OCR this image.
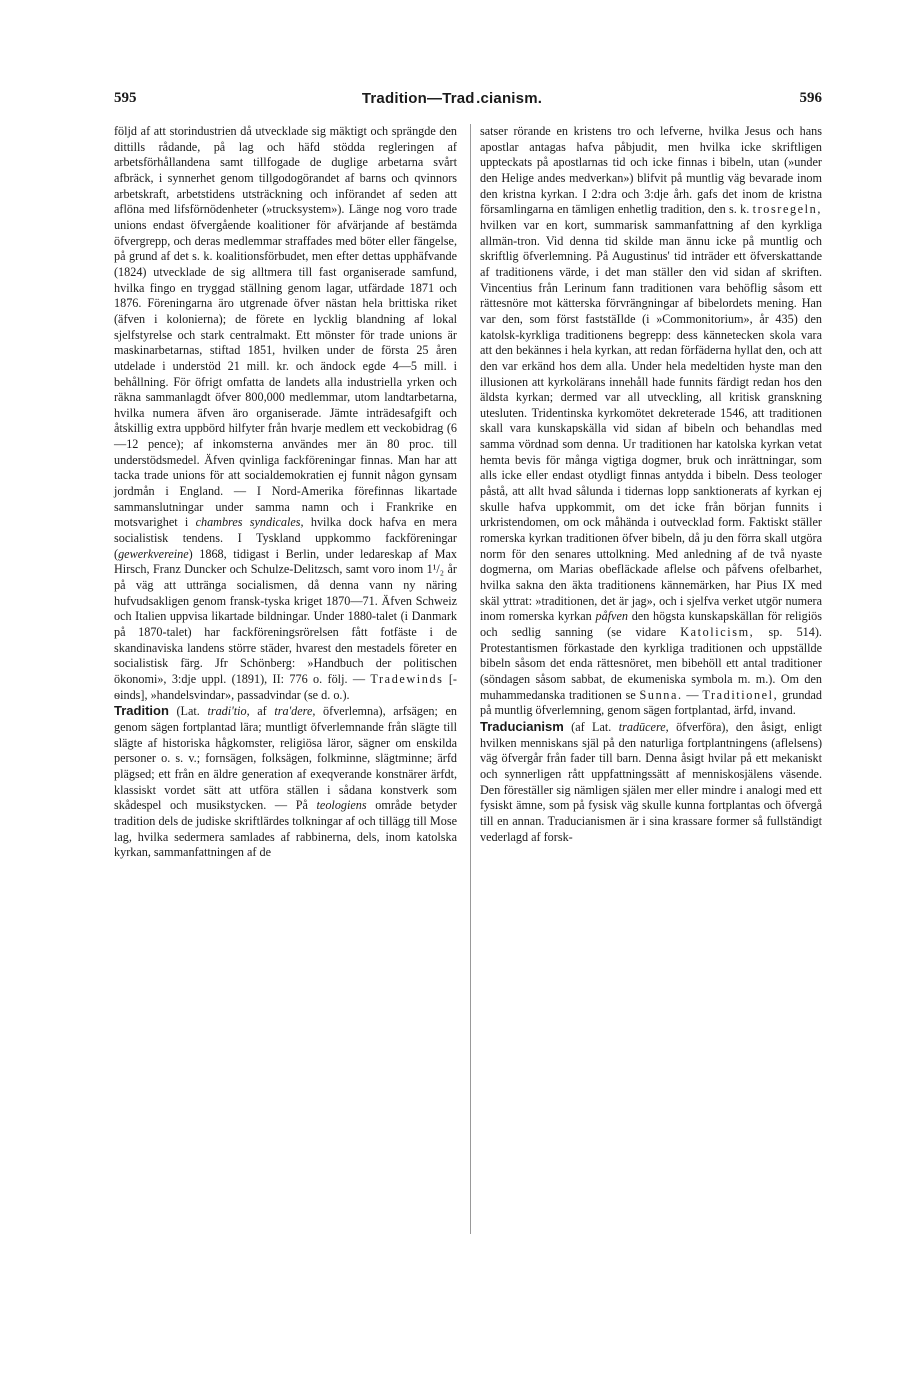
595	Tradition—Trad .cianism.	596

följd af att storindustrien då utvecklade sig mäktigt och sprängde den dittills rådande, på lag och häfd stödda regleringen af arbetsförhållandena samt tillfogade de duglige arbetarna svårt afbräck, i synnerhet genom tillgodogörandet af barns och qvinnors arbetskraft, arbetstidens utsträckning och införandet af seden att aflöna med lifsförnödenheter (»trucksystem»). Länge nog voro trade unions endast öfvergående koalitioner för afvärjande af bestämda öfvergrepp, och deras medlemmar straffades med böter eller fängelse, på grund af det s. k. koalitionsförbudet, men efter dettas upphäfvande (1824) utvecklade de sig alltmera till fast organiserade samfund, hvilka fingo en tryggad ställning genom lagar, utfärdade 1871 och 1876. Föreningarna äro utgrenade öfver nästan hela brittiska riket (äfven i kolonierna); de förete en lycklig blandning af lokal sjelfstyrelse och stark centralmakt. Ett mönster för trade unions är maskinarbetarnas, stiftad 1851, hvilken under de första 25 åren utdelade i understöd 21 mill. kr. och ändock egde 4—5 mill. i behållning. För öfrigt omfatta de landets alla industriella yrken och räkna sammanlagdt öfver 800,000 medlemmar, utom landtarbetarna, hvilka numera äfven äro organiserade. Jämte inträdesafgift och åtskillig extra uppbörd hilfyter från hvarje medlem ett veckobidrag (6—12 pence); af inkomsterna användes mer än 80 proc. till understödsmedel. Äfven qvinliga fackföreningar finnas. Man har att tacka trade unions för att socialdemokratien ej funnit någon gynsam jordmån i England. — I Nord-Amerika förefinnas likartade sammanslutningar under samma namn och i Frankrike en motsvarighet i chambres syndicales, hvilka dock hafva en mera socialistisk tendens. I Tyskland uppkommo fackföreningar (gewerkvereine) 1868, tidigast i Berlin, under ledareskap af Max Hirsch, Franz Duncker och Schulze-Delitzsch, samt voro inom 1¹/₂ år på väg att uttränga socialismen, då denna vann ny näring hufvudsakligen genom fransk-tyska kriget 1870—71. Äfven Schweiz och Italien uppvisa likartade bildningar. Under 1880-talet (i Danmark på 1870-talet) har fackföreningsrörelsen fått fotfäste i de skandinaviska landens större städer, hvarest den mestadels företer en socialistisk färg. Jfr Schönberg: »Handbuch der politischen ökonomi», 3:dje uppl. (1891), II: 776 o. följ. — Tradewinds [-ѳinds], »handelsvindar», passadvindar (se d. o.).

Tradition (Lat. tradi'tio, af tra'dere, öfverlemna), arfsägen; en genom sägen fortplantad lära; muntligt öfverlemnande från slägte till slägte af historiska hågkomster, religiösa läror, sägner om enskilda personer o. s. v.; fornsägen, folksägen, folkminne, slägtminne; ärfd plägsed; ett från en äldre generation af exeqverande konstnärer ärfdt, klassiskt vordet sätt att utföra ställen i sådana konstverk som skådespel och musikstycken. — På teologiens område betyder tradition dels de judiske skriftlärdes tolkningar af och tillägg till Mose lag, hvilka sedermera samlades af rabbinerna, dels, inom katolska kyrkan, sammanfattningen af de

satser rörande en kristens tro och lefverne, hvilka Jesus och hans apostlar antagas hafva påbjudit, men hvilka icke skriftligen uppteckats på apostlarnas tid och icke finnas i bibeln, utan (»under den Helige andes medverkan») blifvit på muntlig väg bevarade inom den kristna kyrkan. I 2:dra och 3:dje årh. gafs det inom de kristna församlingarna en tämligen enhetlig tradition, den s. k. trosregeln, hvilken var en kort, summarisk sammanfattning af den kyrkliga allmän-tron. Vid denna tid skilde man ännu icke på muntlig och skriftlig öfverlemning. På Augustinus' tid inträder ett öfverskattande af traditionens värde, i det man ställer den vid sidan af skriften. Vincentius från Lerinum fann traditionen vara behöflig såsom ett rättesnöre mot kätterska förvrängningar af bibelordets mening. Han var den, som först faststäIlde (i »Commonitorium», år 435) den katolsk-kyrkliga traditionens begrepp: dess kännetecken skola vara att den bekännes i hela kyrkan, att redan förfäderna hyllat den, och att den var erkänd hos dem alla. Under hela medeltiden hyste man den illusionen att kyrkolärans innehåll hade funnits färdigt redan hos den äldsta kyrkan; dermed var all utveckling, all kritisk granskning utesluten. Tridentinska kyrkomötet dekreterade 1546, att traditionen skall vara kunskapskälla vid sidan af bibeln och behandlas med samma vördnad som denna. Ur traditionen har katolska kyrkan vetat hemta bevis för många vigtiga dogmer, bruk och inrättningar, som alls icke eller endast otydligt finnas antydda i bibeln. Dess teologer påstå, att allt hvad sålunda i tidernas lopp sanktionerats af kyrkan ej skulle hafva uppkommit, om det icke från början funnits i urkristendomen, om ock måhända i outvecklad form. Faktiskt ställer romerska kyrkan traditionen öfver bibeln, då ju den förra skall utgöra norm för den senares uttolkning. Med anledning af de två nyaste dogmerna, om Marias obefläckade aflelse och påfvens ofelbarhet, hvilka sakna den äkta traditionens kännemärken, har Pius IX med skäl yttrat: »traditionen, det är jag», och i sjelfva verket utgör numera inom romerska kyrkan påfven den högsta kunskapskällan för religiös och sedlig sanning (se vidare Katolicism, sp. 514). Protestantismen förkastade den kyrkliga traditionen och uppställde bibeln såsom det enda rättesnöret, men bibehöll ett antal traditioner (söndagen såsom sabbat, de ekumeniska symbola m. m.). Om den muhammedanska traditionen se Sunna. — Traditionel, grundad på muntlig öfverlemning, genom sägen fortplantad, ärfd, invand.

Traducianism (af Lat. tradūcere, öfverföra), den åsigt, enligt hvilken menniskans själ på den naturliga fortplantningens (aflelsens) väg öfvergår från fader till barn. Denna åsigt hvilar på ett mekaniskt och synnerligen rått uppfattningssätt af menniskosjälens väsende. Den föreställer sig nämligen själen mer eller mindre i analogi med ett fysiskt ämne, som på fysisk väg skulle kunna fortplantas och öfvergå till en annan. Traducianismen är i sina krassare former så fullständigt vederlagd af forsk-
